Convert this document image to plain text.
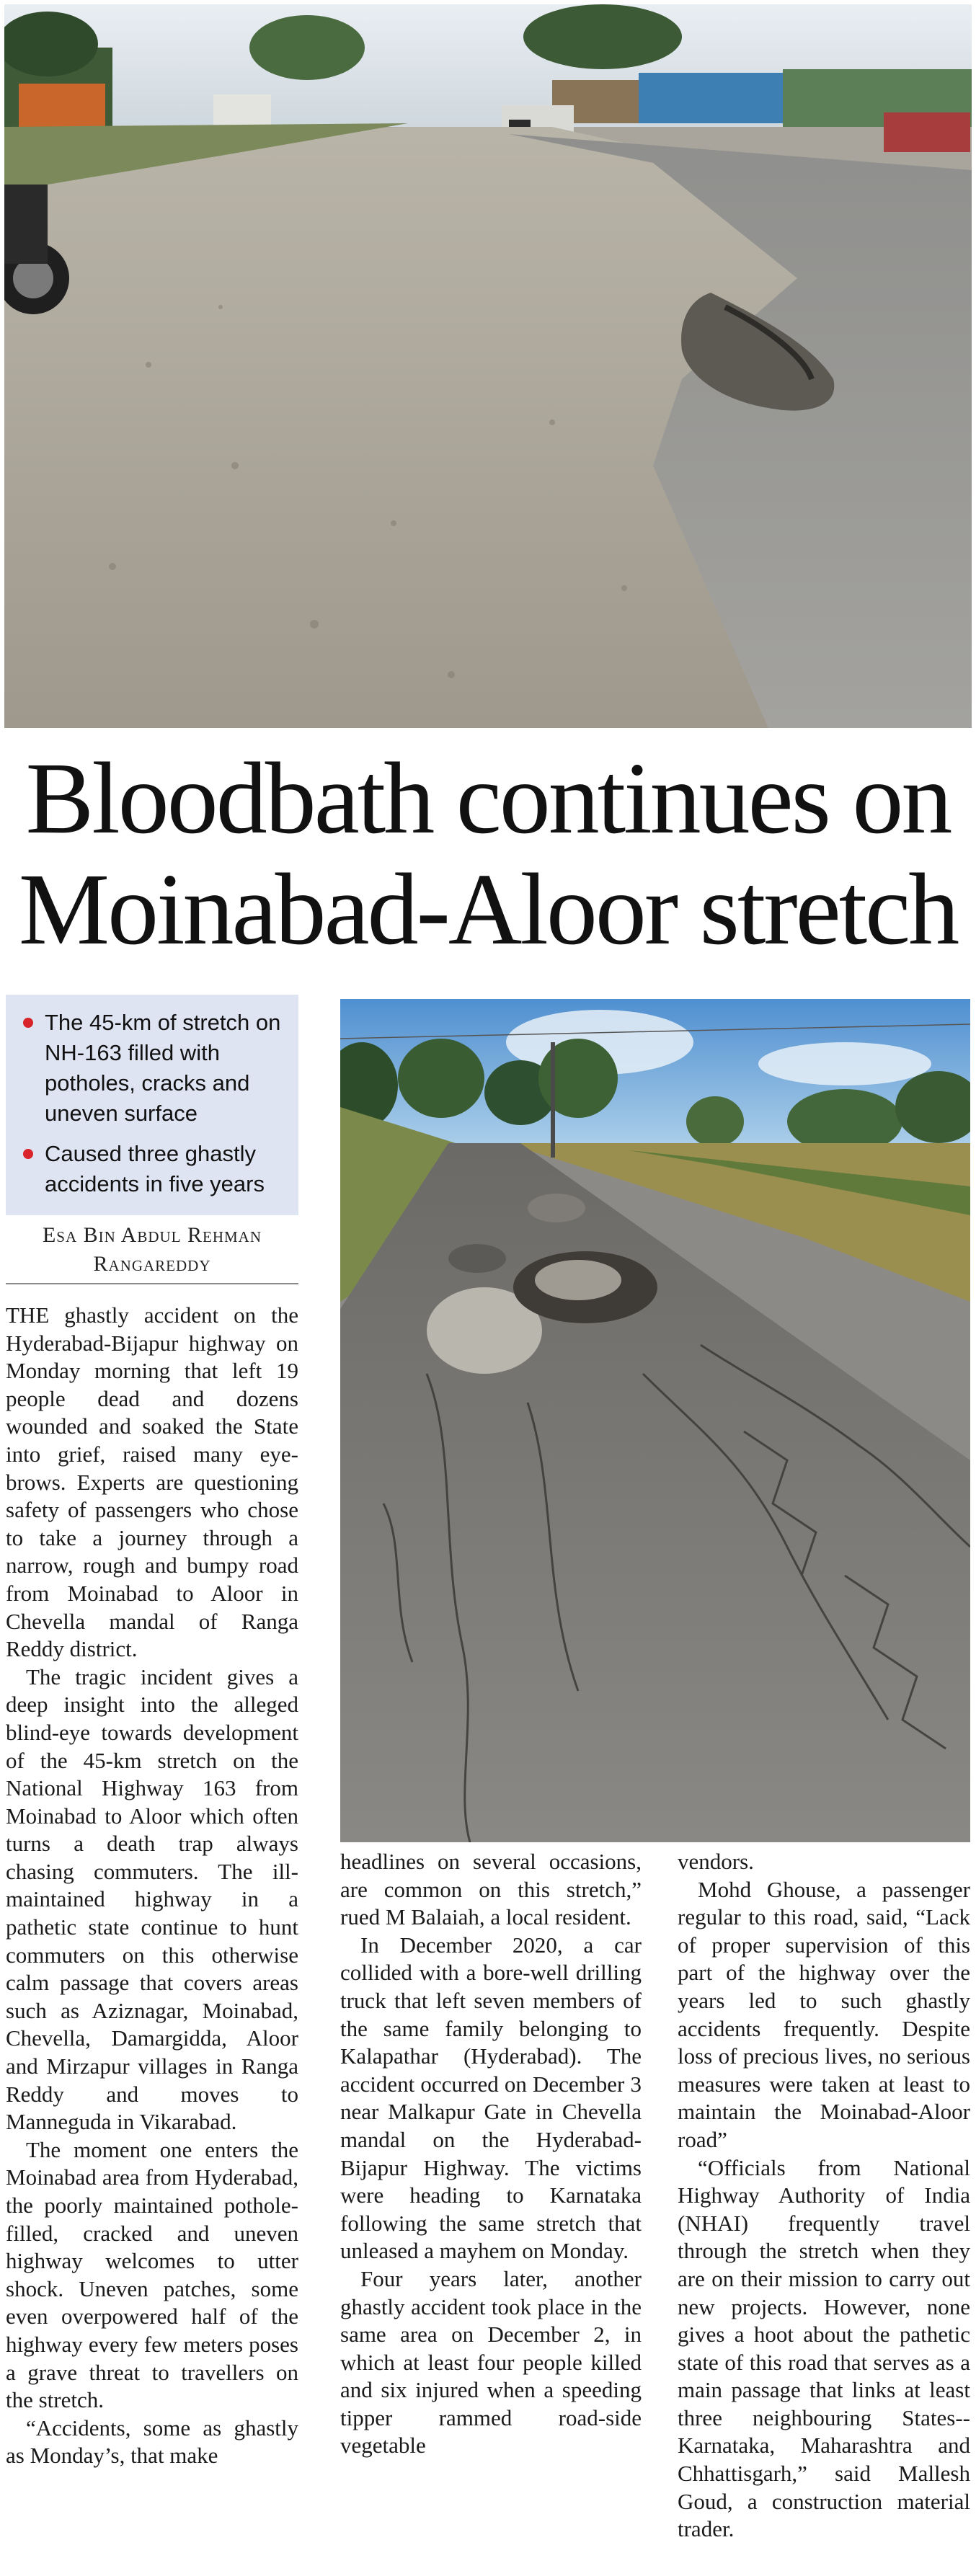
Bloodbath continues on
Moinabad-Aloor stretch
The 45-km of stretch on NH-163 filled with potholes, cracks and uneven surface
Caused three ghastly accidents in five years
Esa Bin Abdul Rehman
Rangareddy

THE ghastly accident on the Hyderabad-Bijapur highway on Monday morning that left 19 people dead and dozens wounded and soaked the State into grief, raised many eye-brows. Experts are questioning safety of passengers who chose to take a journey through a narrow, rough and bumpy road from Moinabad to Aloor in Chevella mandal of Ranga Reddy district.

The tragic incident gives a deep insight into the alleged blind-eye towards development of the 45-km stretch on the National Highway 163 from Moinabad to Aloor which often turns a death trap always chasing commuters. The ill-maintained highway in a pathetic state continue to hunt commuters on this otherwise calm passage that covers areas such as Aziznagar, Moinabad, Chevella, Damargidda, Aloor and Mirzapur villages in Ranga Reddy and moves to Manneguda in Vikarabad.

The moment one enters the Moinabad area from Hyderabad, the poorly maintained pothole-filled, cracked and uneven highway welcomes to utter shock. Uneven patches, some even overpowered half of the highway every few meters poses a grave threat to travellers on the stretch.

“Accidents, some as ghastly as Monday’s, that make

headlines on several occasions, are common on this stretch,” rued M Balaiah, a local resident.

In December 2020, a car collided with a bore-well drilling truck that left seven members of the same family belonging to Kalapathar (Hyderabad). The accident occurred on December 3 near Malkapur Gate in Chevella mandal on the Hyderabad-Bijapur Highway. The victims were heading to Karnataka following the same stretch that unleased a mayhem on Monday.

Four years later, another ghastly accident took place in the same area on December 2, in which at least four people killed and six injured when a speeding tipper rammed road-side vegetable

vendors.

Mohd Ghouse, a passenger regular to this road, said, “Lack of proper supervision of this part of the highway over the years led to such ghastly accidents frequently. Despite loss of precious lives, no serious measures were taken at least to maintain the Moinabad-Aloor road”

“Officials from National Highway Authority of India (NHAI) frequently travel through the stretch when they are on their mission to carry out new projects. However, none gives a hoot about the pathetic state of this road that serves as a main passage that links at least three neighbouring States--Karnataka, Maharashtra and Chhattisgarh,” said Mallesh Goud, a construction material trader.
